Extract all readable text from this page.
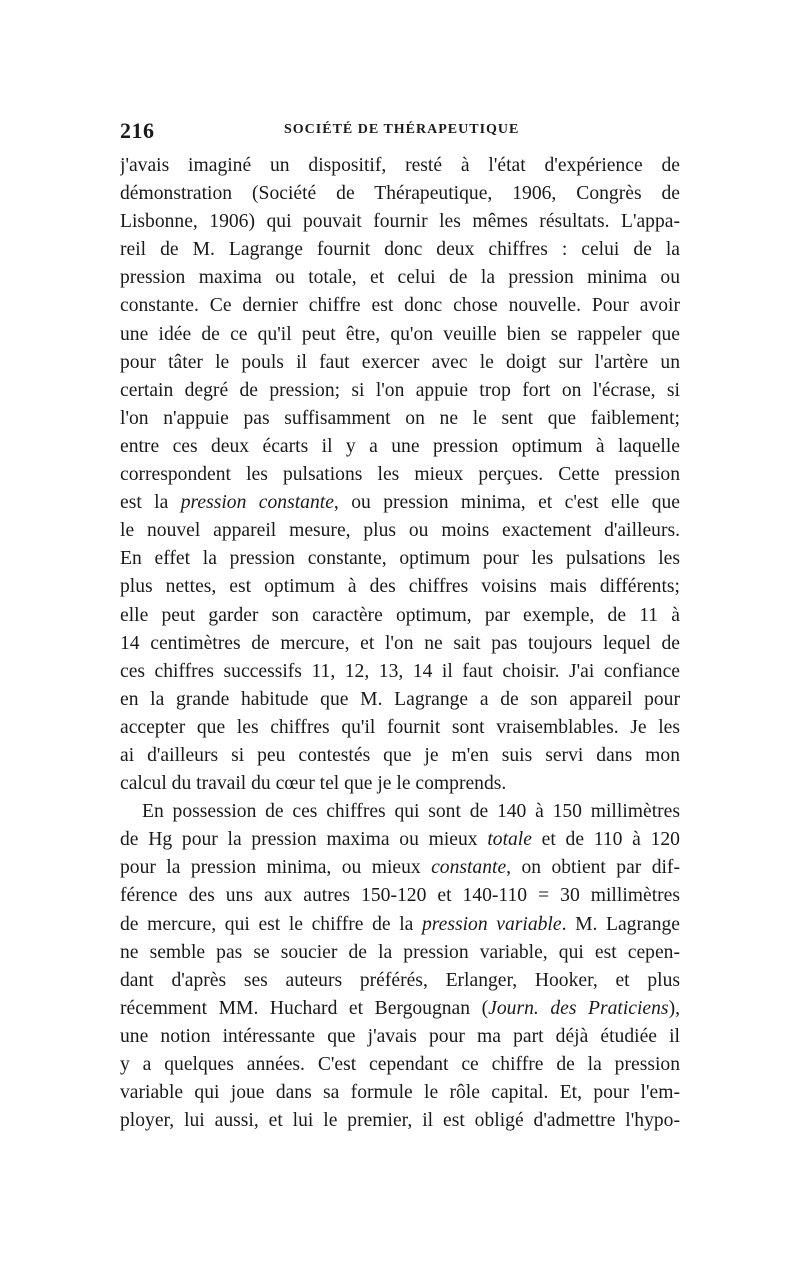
216	SOCIÉTÉ DE THÉRAPEUTIQUE
j'avais imaginé un dispositif, resté à l'état d'expérience de
démonstration (Société de Thérapeutique, 1906, Congrès de
Lisbonne, 1906) qui pouvait fournir les mêmes résultats. L'appa-
reil de M. Lagrange fournit donc deux chiffres : celui de la
pression maxima ou totale, et celui de la pression minima ou
constante. Ce dernier chiffre est donc chose nouvelle. Pour avoir
une idée de ce qu'il peut être, qu'on veuille bien se rappeler que
pour tâter le pouls il faut exercer avec le doigt sur l'artère un
certain degré de pression; si l'on appuie trop fort on l'écrase, si
l'on n'appuie pas suffisamment on ne le sent que faiblement;
entre ces deux écarts il y a une pression optimum à laquelle
correspondent les pulsations les mieux perçues. Cette pression
est la pression constante, ou pression minima, et c'est elle que
le nouvel appareil mesure, plus ou moins exactement d'ailleurs.
En effet la pression constante, optimum pour les pulsations les
plus nettes, est optimum à des chiffres voisins mais différents;
elle peut garder son caractère optimum, par exemple, de 11 à
14 centimètres de mercure, et l'on ne sait pas toujours lequel de
ces chiffres successifs 11, 12, 13, 14 il faut choisir. J'ai confiance
en la grande habitude que M. Lagrange a de son appareil pour
accepter que les chiffres qu'il fournit sont vraisemblables. Je les
ai d'ailleurs si peu contestés que je m'en suis servi dans mon
calcul du travail du cœur tel que je le comprends.
En possession de ces chiffres qui sont de 140 à 150 millimètres
de Hg pour la pression maxima ou mieux totale et de 110 à 120
pour la pression minima, ou mieux constante, on obtient par dif-
férence des uns aux autres 150-120 et 140-110 = 30 millimètres
de mercure, qui est le chiffre de la pression variable. M. Lagrange
ne semble pas se soucier de la pression variable, qui est cepen-
dant d'après ses auteurs préférés, Erlanger, Hooker, et plus
récemment MM. Huchard et Bergougnan (Journ. des Praticiens),
une notion intéressante que j'avais pour ma part déjà étudiée il
y a quelques années. C'est cependant ce chiffre de la pression
variable qui joue dans sa formule le rôle capital. Et, pour l'em-
ployer, lui aussi, et lui le premier, il est obligé d'admettre l'hypo-
